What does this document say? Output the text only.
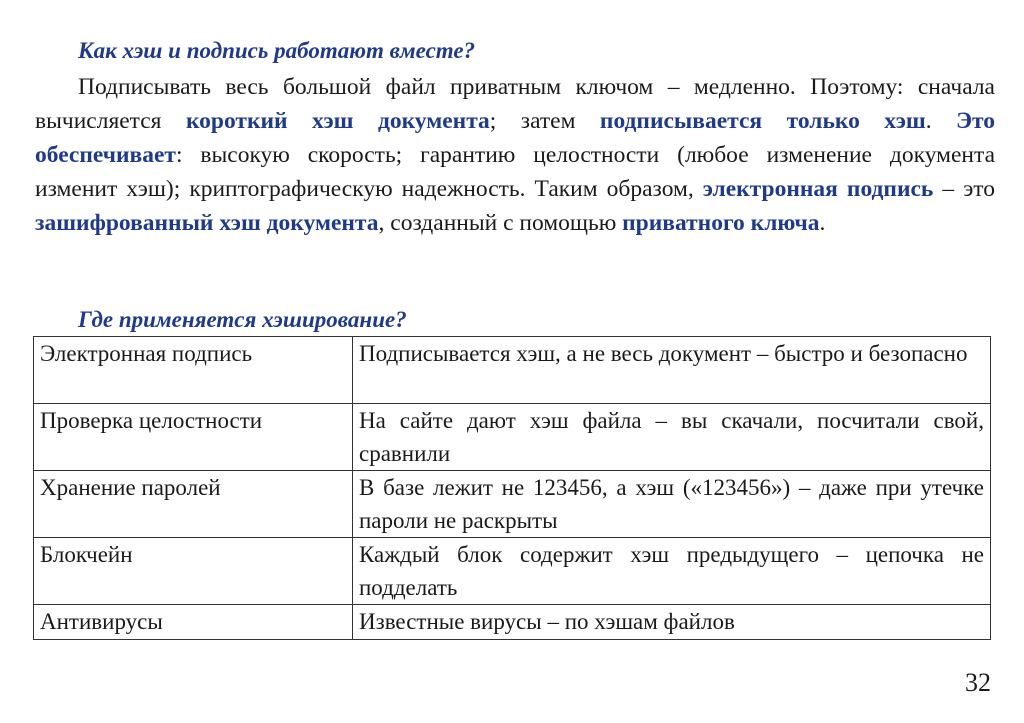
Как хэш и подпись работают вместе?

Подписывать весь большой файл приватным ключом – медленно. Поэтому: сначала вычисляется короткий хэш документа; затем подписывается только хэш. Это обеспечивает: высокую скорость; гарантию целостности (любое изменение документа изменит хэш); криптографическую надежность. Таким образом, электронная подпись – это зашифрованный хэш документа, созданный с помощью приватного ключа.

Где применяется хэширование?
Электронная подпись	Подписывается хэш, а не весь документ – быстро и безопасно
Проверка целостности	На сайте дают хэш файла – вы скачали, посчитали свой, сравнили
Хранение паролей	В базе лежит не 123456, а хэш («123456») – даже при утечке пароли не раскрыты
Блокчейн	Каждый блок содержит хэш предыдущего – цепочка не подделать
Антивирусы	Известные вирусы – по хэшам файлов

32
